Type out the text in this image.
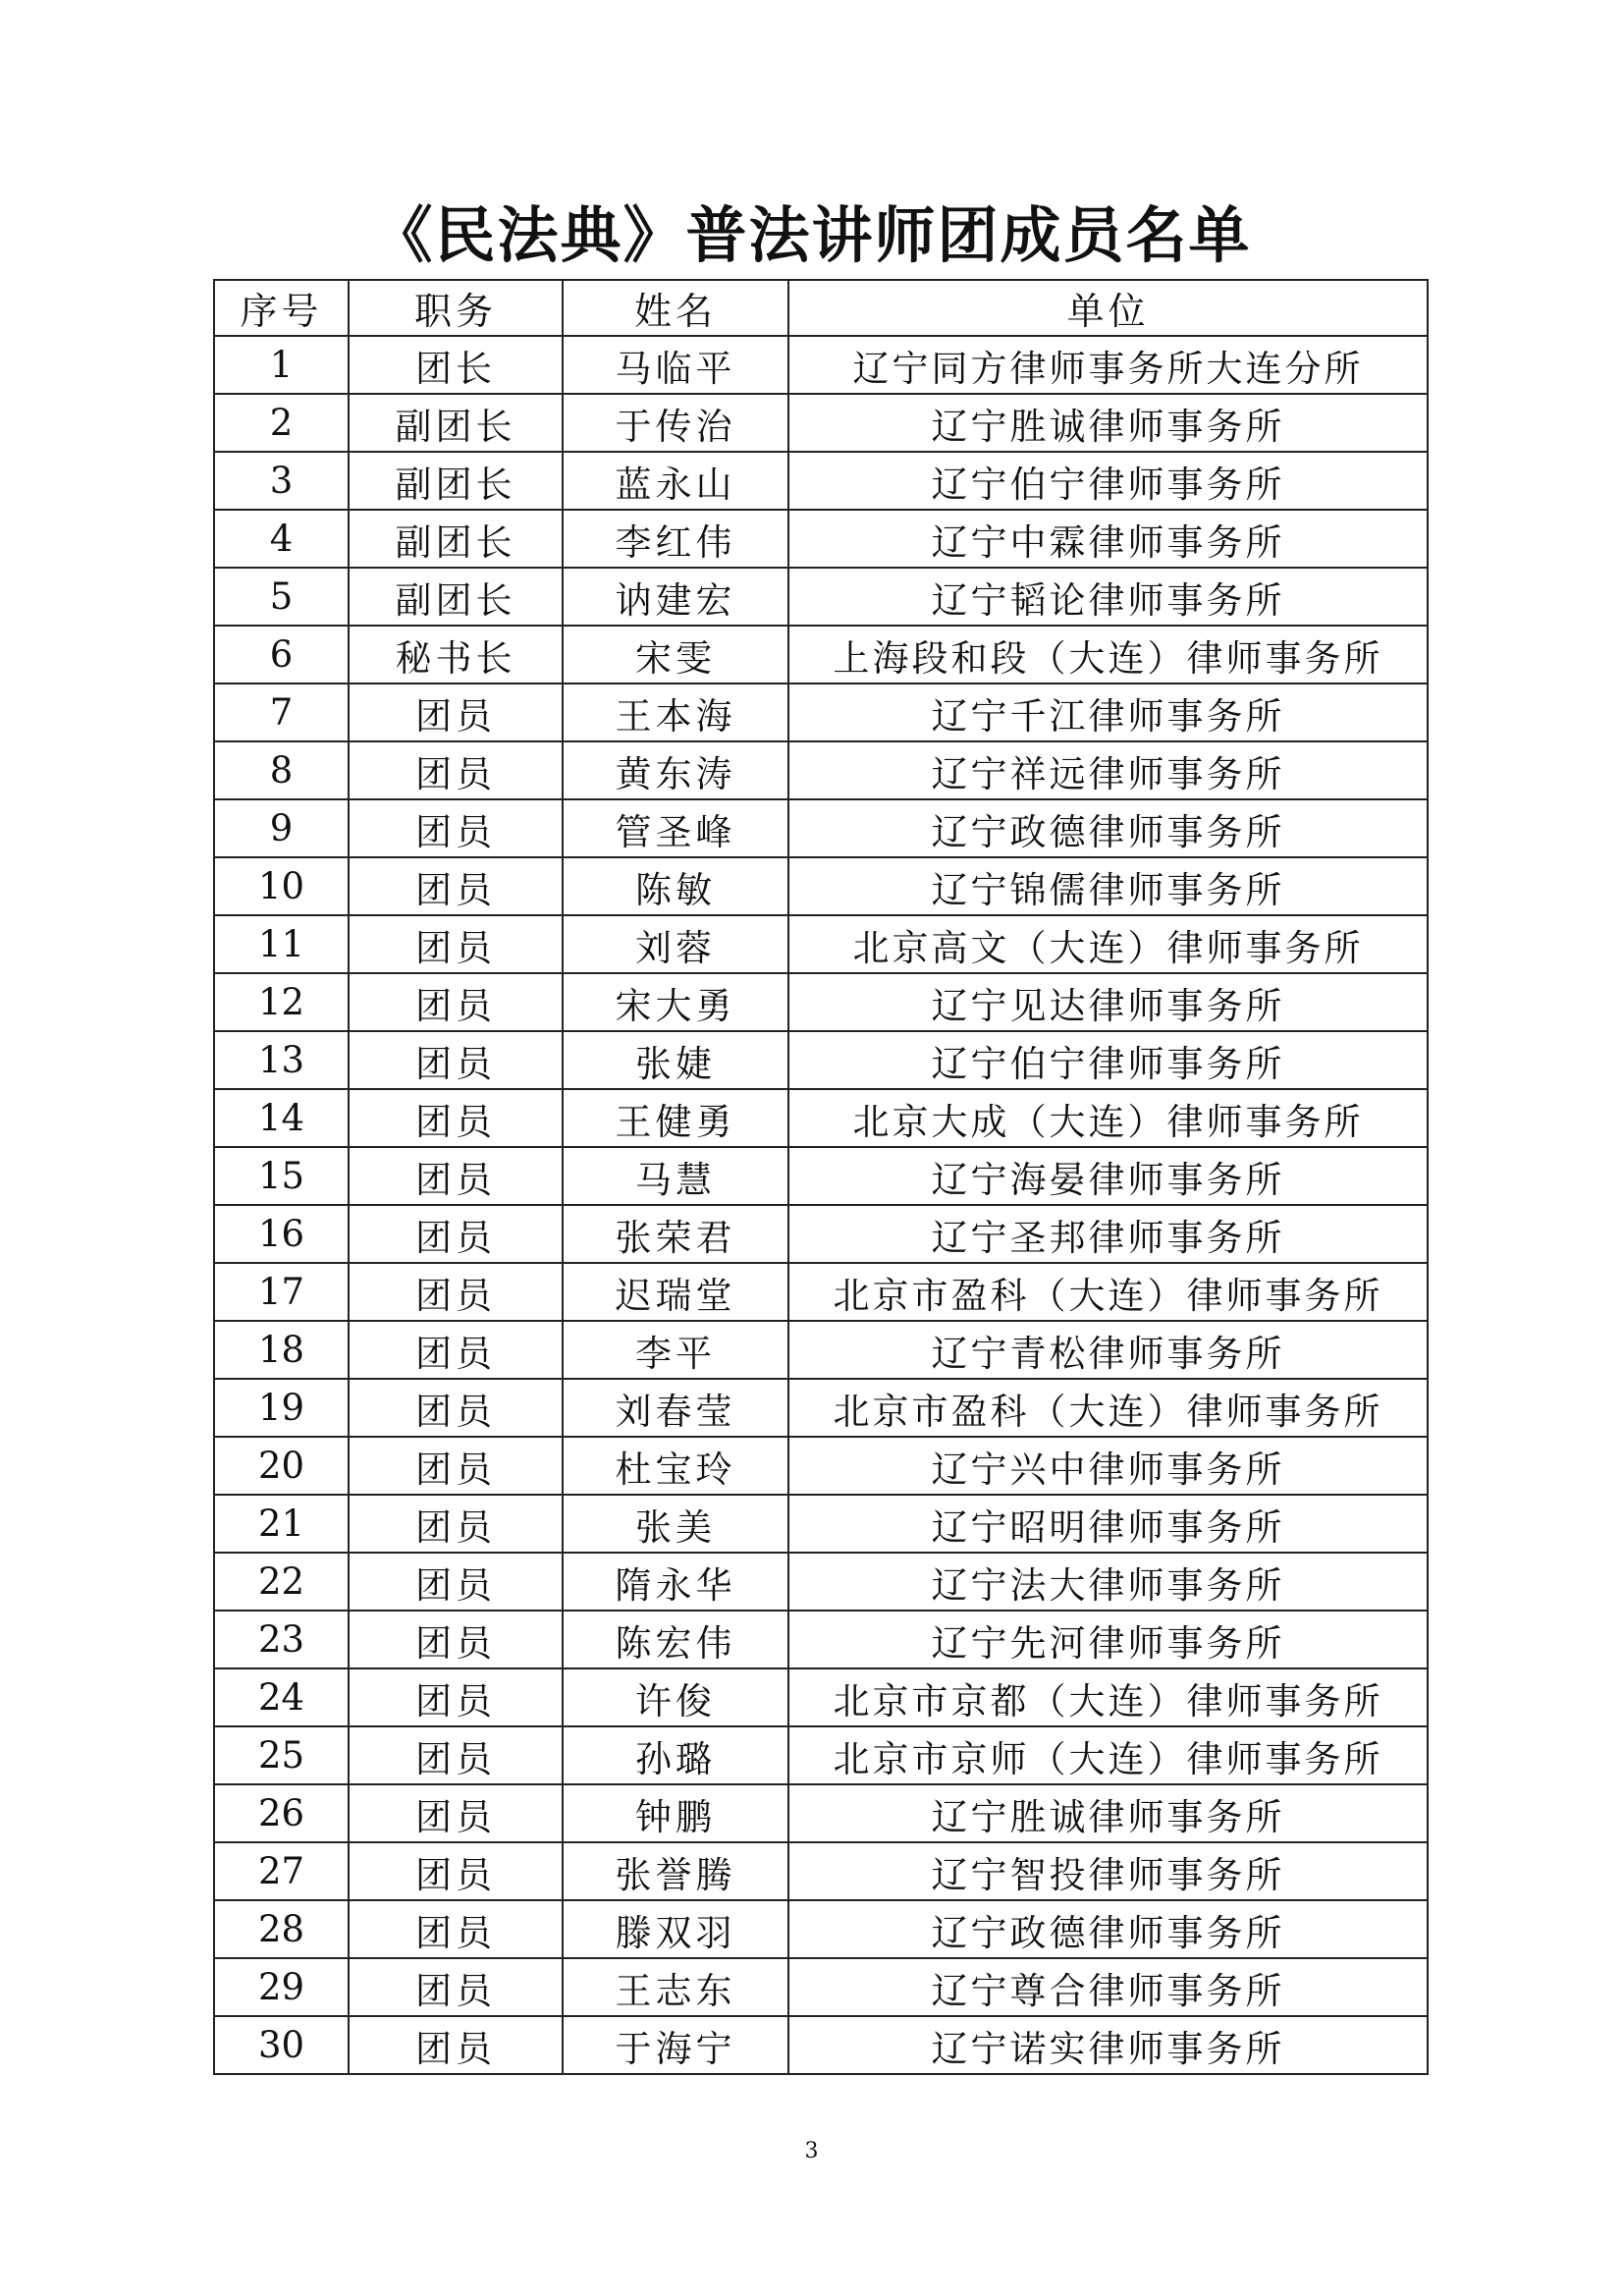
《民法典》普法讲师团成员名单
序号	职务	姓名	单位
1	团长	马临平	辽宁同方律师事务所大连分所
2	副团长	于传治	辽宁胜诚律师事务所
3	副团长	蓝永山	辽宁伯宁律师事务所
4	副团长	李红伟	辽宁中霖律师事务所
5	副团长	讷建宏	辽宁韬论律师事务所
6	秘书长	宋雯	上海段和段（大连）律师事务所
7	团员	王本海	辽宁千江律师事务所
8	团员	黄东涛	辽宁祥远律师事务所
9	团员	管圣峰	辽宁政德律师事务所
10	团员	陈敏	辽宁锦儒律师事务所
11	团员	刘蓉	北京高文（大连）律师事务所
12	团员	宋大勇	辽宁见达律师事务所
13	团员	张婕	辽宁伯宁律师事务所
14	团员	王健勇	北京大成（大连）律师事务所
15	团员	马慧	辽宁海晏律师事务所
16	团员	张荣君	辽宁圣邦律师事务所
17	团员	迟瑞堂	北京市盈科（大连）律师事务所
18	团员	李平	辽宁青松律师事务所
19	团员	刘春莹	北京市盈科（大连）律师事务所
20	团员	杜宝玲	辽宁兴中律师事务所
21	团员	张美	辽宁昭明律师事务所
22	团员	隋永华	辽宁法大律师事务所
23	团员	陈宏伟	辽宁先河律师事务所
24	团员	许俊	北京市京都（大连）律师事务所
25	团员	孙璐	北京市京师（大连）律师事务所
26	团员	钟鹏	辽宁胜诚律师事务所
27	团员	张誉腾	辽宁智投律师事务所
28	团员	滕双羽	辽宁政德律师事务所
29	团员	王志东	辽宁尊合律师事务所
30	团员	于海宁	辽宁诺实律师事务所
3
